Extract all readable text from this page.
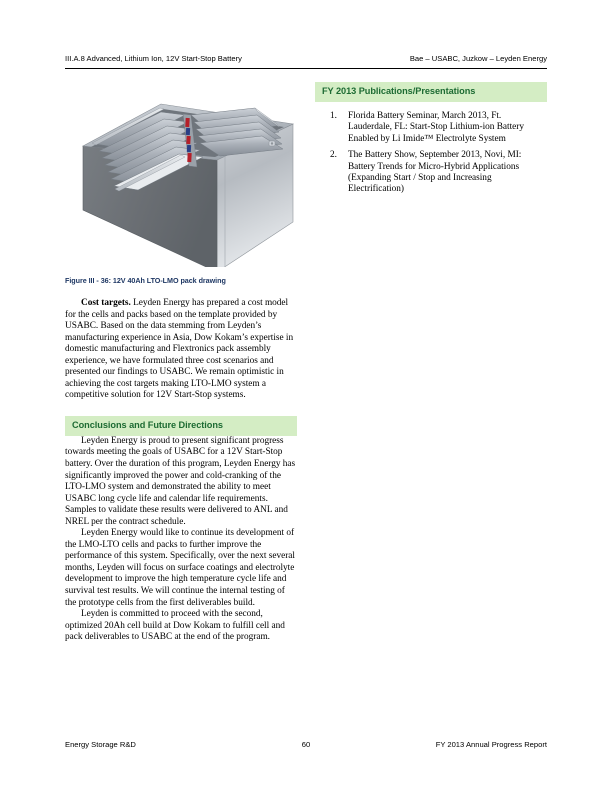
III.A.8 Advanced, Lithium Ion, 12V Start-Stop Battery	Bae – USABC, Juzkow – Leyden Energy
Figure III - 36: 12V 40Ah LTO-LMO pack drawing

Cost targets. Leyden Energy has prepared a cost model for the cells and packs based on the template provided by USABC. Based on the data stemming from Leyden’s manufacturing experience in Asia, Dow Kokam’s expertise in domestic manufacturing and Flextronics pack assembly experience, we have formulated three cost scenarios and presented our findings to USABC. We remain optimistic in achieving the cost targets making LTO-LMO system a competitive solution for 12V Start-Stop systems.

Conclusions and Future Directions

Leyden Energy is proud to present significant progress towards meeting the goals of USABC for a 12V Start-Stop battery. Over the duration of this program, Leyden Energy has significantly improved the power and cold-cranking of the LTO-LMO system and demonstrated the ability to meet USABC long cycle life and calendar life requirements. Samples to validate these results were delivered to ANL and NREL per the contract schedule.

Leyden Energy would like to continue its development of the LMO-LTO cells and packs to further improve the performance of this system. Specifically, over the next several months, Leyden will focus on surface coatings and electrolyte development to improve the high temperature cycle life and survival test results. We will continue the internal testing of the prototype cells from the first deliverables build.

Leyden is committed to proceed with the second, optimized 20Ah cell build at Dow Kokam to fulfill cell and pack deliverables to USABC at the end of the program.

FY 2013 Publications/Presentations
1. Florida Battery Seminar, March 2013, Ft. Lauderdale, FL: Start-Stop Lithium-ion Battery Enabled by Li Imide™ Electrolyte System
2. The Battery Show, September 2013, Novi, MI: Battery Trends for Micro-Hybrid Applications (Expanding Start / Stop and Increasing Electrification)
Energy Storage R&D	60	FY 2013 Annual Progress Report
